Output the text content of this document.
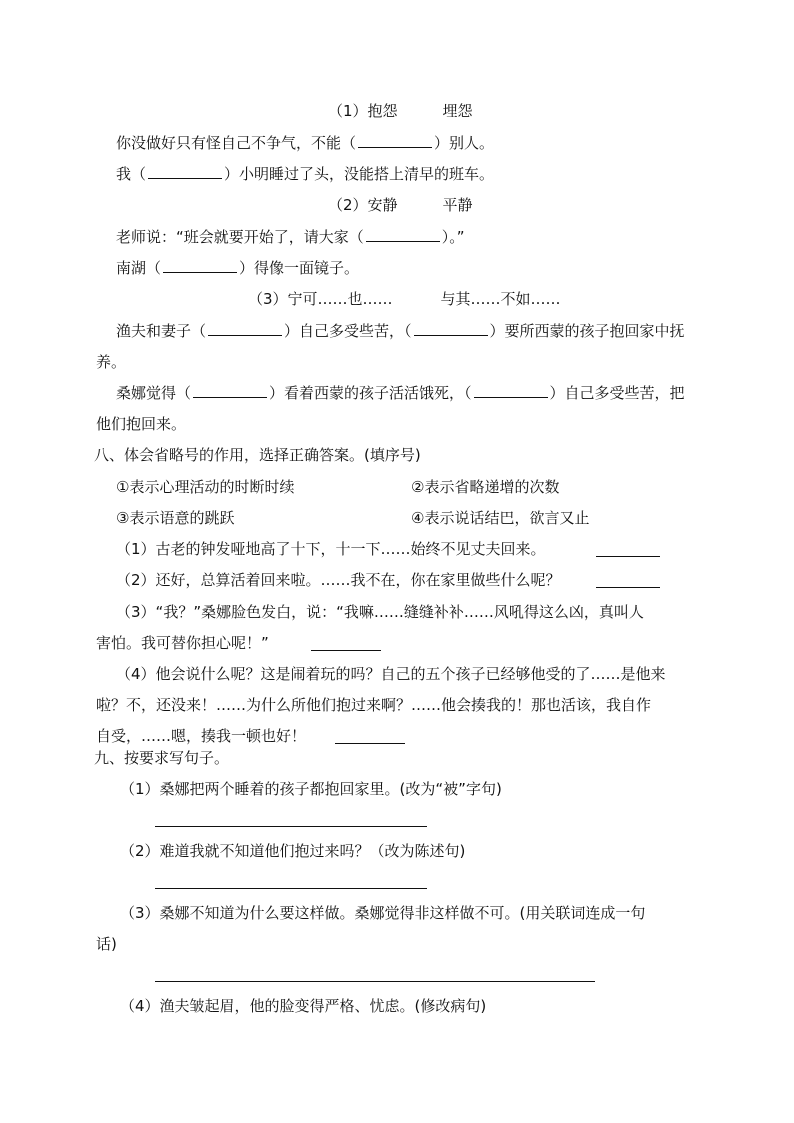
（1）抱怨　　　埋怨
你没做好只有怪自己不争气，不能（	）别人。
我（	）小明睡过了头，没能搭上清早的班车。
（2）安静　　　平静
老师说：“班会就要开始了，请大家（	）。”
南湖（	）得像一面镜子。
（3）宁可……也……	与其……不如……
渔夫和妻子（	）自己多受些苦，（	）要所西蒙的孩子抱回家中抚
养。
桑娜觉得（	）看着西蒙的孩子活活饿死，（	）自己多受些苦，把
他们抱回来。
八、体会省略号的作用，选择正确答案。(填序号)
①表示心理活动的时断时续	②表示省略递增的次数
③表示语意的跳跃	④表示说话结巴，欲言又止
（1）古老的钟发哑地高了十下，十一下……始终不见丈夫回来。
（2）还好，总算活着回来啦。……我不在，你在家里做些什么呢？
（3）“我？”桑娜脸色发白，说：“我嘛……缝缝补补……风吼得这么凶，真叫人
害怕。我可替你担心呢！”
（4）他会说什么呢？这是闹着玩的吗？自己的五个孩子已经够他受的了……是他来
啦？不，还没来！……为什么所他们抱过来啊？……他会揍我的！那也活该，我自作
自受，……嗯，揍我一顿也好！
九、按要求写句子。
（1）桑娜把两个睡着的孩子都抱回家里。(改为“被”字句)
（2）难道我就不知道他们抱过来吗？（改为陈述句)
（3）桑娜不知道为什么要这样做。桑娜觉得非这样做不可。(用关联词连成一句
话)
（4）渔夫皱起眉，他的脸变得严格、忧虑。(修改病句)
